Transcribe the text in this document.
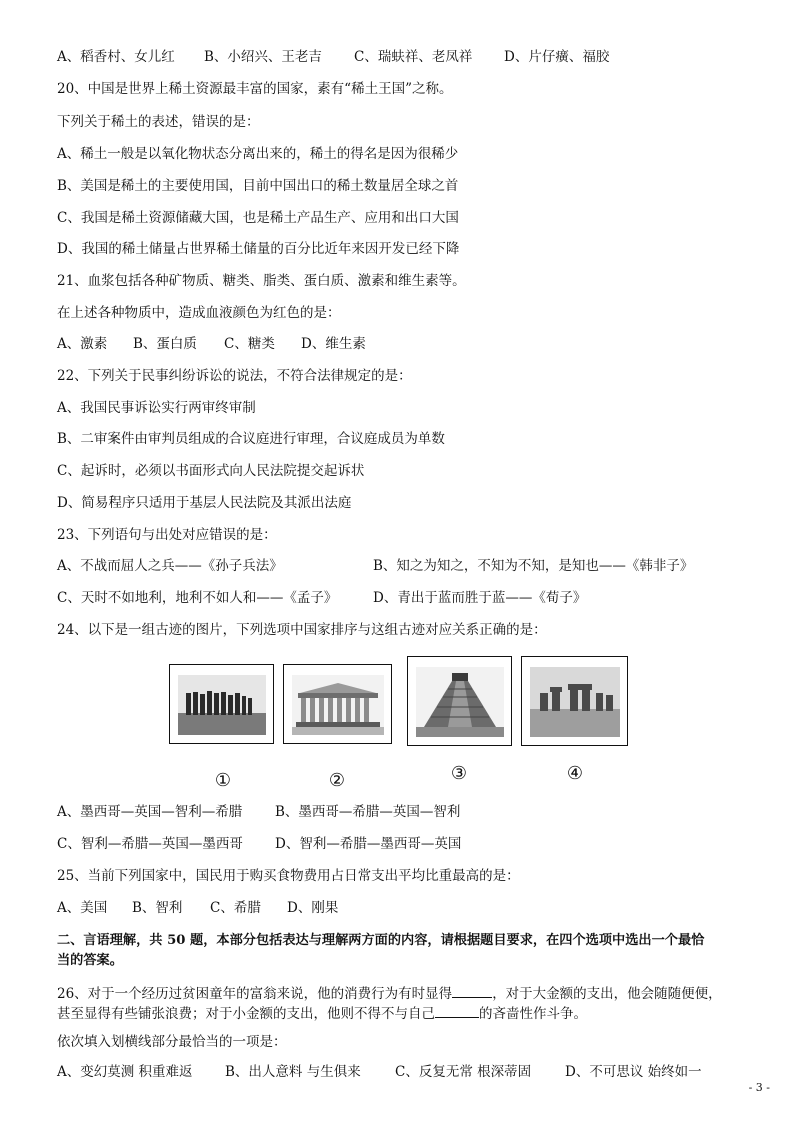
A、稻香村、女儿红 B、小绍兴、王老吉 C、瑞蚨祥、老凤祥 D、片仔癀、福胶
20、中国是世界上稀土资源最丰富的国家，素有“稀土王国”之称。
下列关于稀土的表述，错误的是：
A、稀土一般是以氧化物状态分离出来的，稀土的得名是因为很稀少
B、美国是稀土的主要使用国，目前中国出口的稀土数量居全球之首
C、我国是稀土资源储藏大国，也是稀土产品生产、应用和出口大国
D、我国的稀土储量占世界稀土储量的百分比近年来因开发已经下降
21、血浆包括各种矿物质、糖类、脂类、蛋白质、激素和维生素等。
在上述各种物质中，造成血液颜色为红色的是：
A、激素 B、蛋白质 C、糖类 D、维生素
22、下列关于民事纠纷诉讼的说法，不符合法律规定的是：
A、我国民事诉讼实行两审终审制
B、二审案件由审判员组成的合议庭进行审理，合议庭成员为单数
C、起诉时，必须以书面形式向人民法院提交起诉状
D、简易程序只适用于基层人民法院及其派出法庭
23、下列语句与出处对应错误的是：
A、不战而屈人之兵——《孙子兵法》	B、知之为知之，不知为不知，是知也——《韩非子》
C、天时不如地利，地利不如人和——《孟子》	D、青出于蓝而胜于蓝——《荀子》
24、以下是一组古迹的图片，下列选项中国家排序与这组古迹对应关系正确的是：
①	②	③	④
A、墨西哥—英国—智利—希腊 B、墨西哥—希腊—英国—智利
C、智利—希腊—英国—墨西哥 D、智利—希腊—墨西哥—英国
25、当前下列国家中，国民用于购买食物费用占日常支出平均比重最高的是：
A、美国 B、智利 C、希腊 D、刚果
二、言语理解，共 50 题，本部分包括表达与理解两方面的内容，请根据题目要求，在四个选项中选出一个最恰
当的答案。
26、对于一个经历过贫困童年的富翁来说，他的消费行为有时显得	，对于大金额的支出，他会随随便便，
甚至显得有些铺张浪费；对于小金额的支出，他则不得不与自己	的吝啬性作斗争。
依次填入划横线部分最恰当的一项是：
A、变幻莫测 积重难返 B、出人意料 与生俱来	C、反复无常 根深蒂固	D、不可思议 始终如一
- 3 -
